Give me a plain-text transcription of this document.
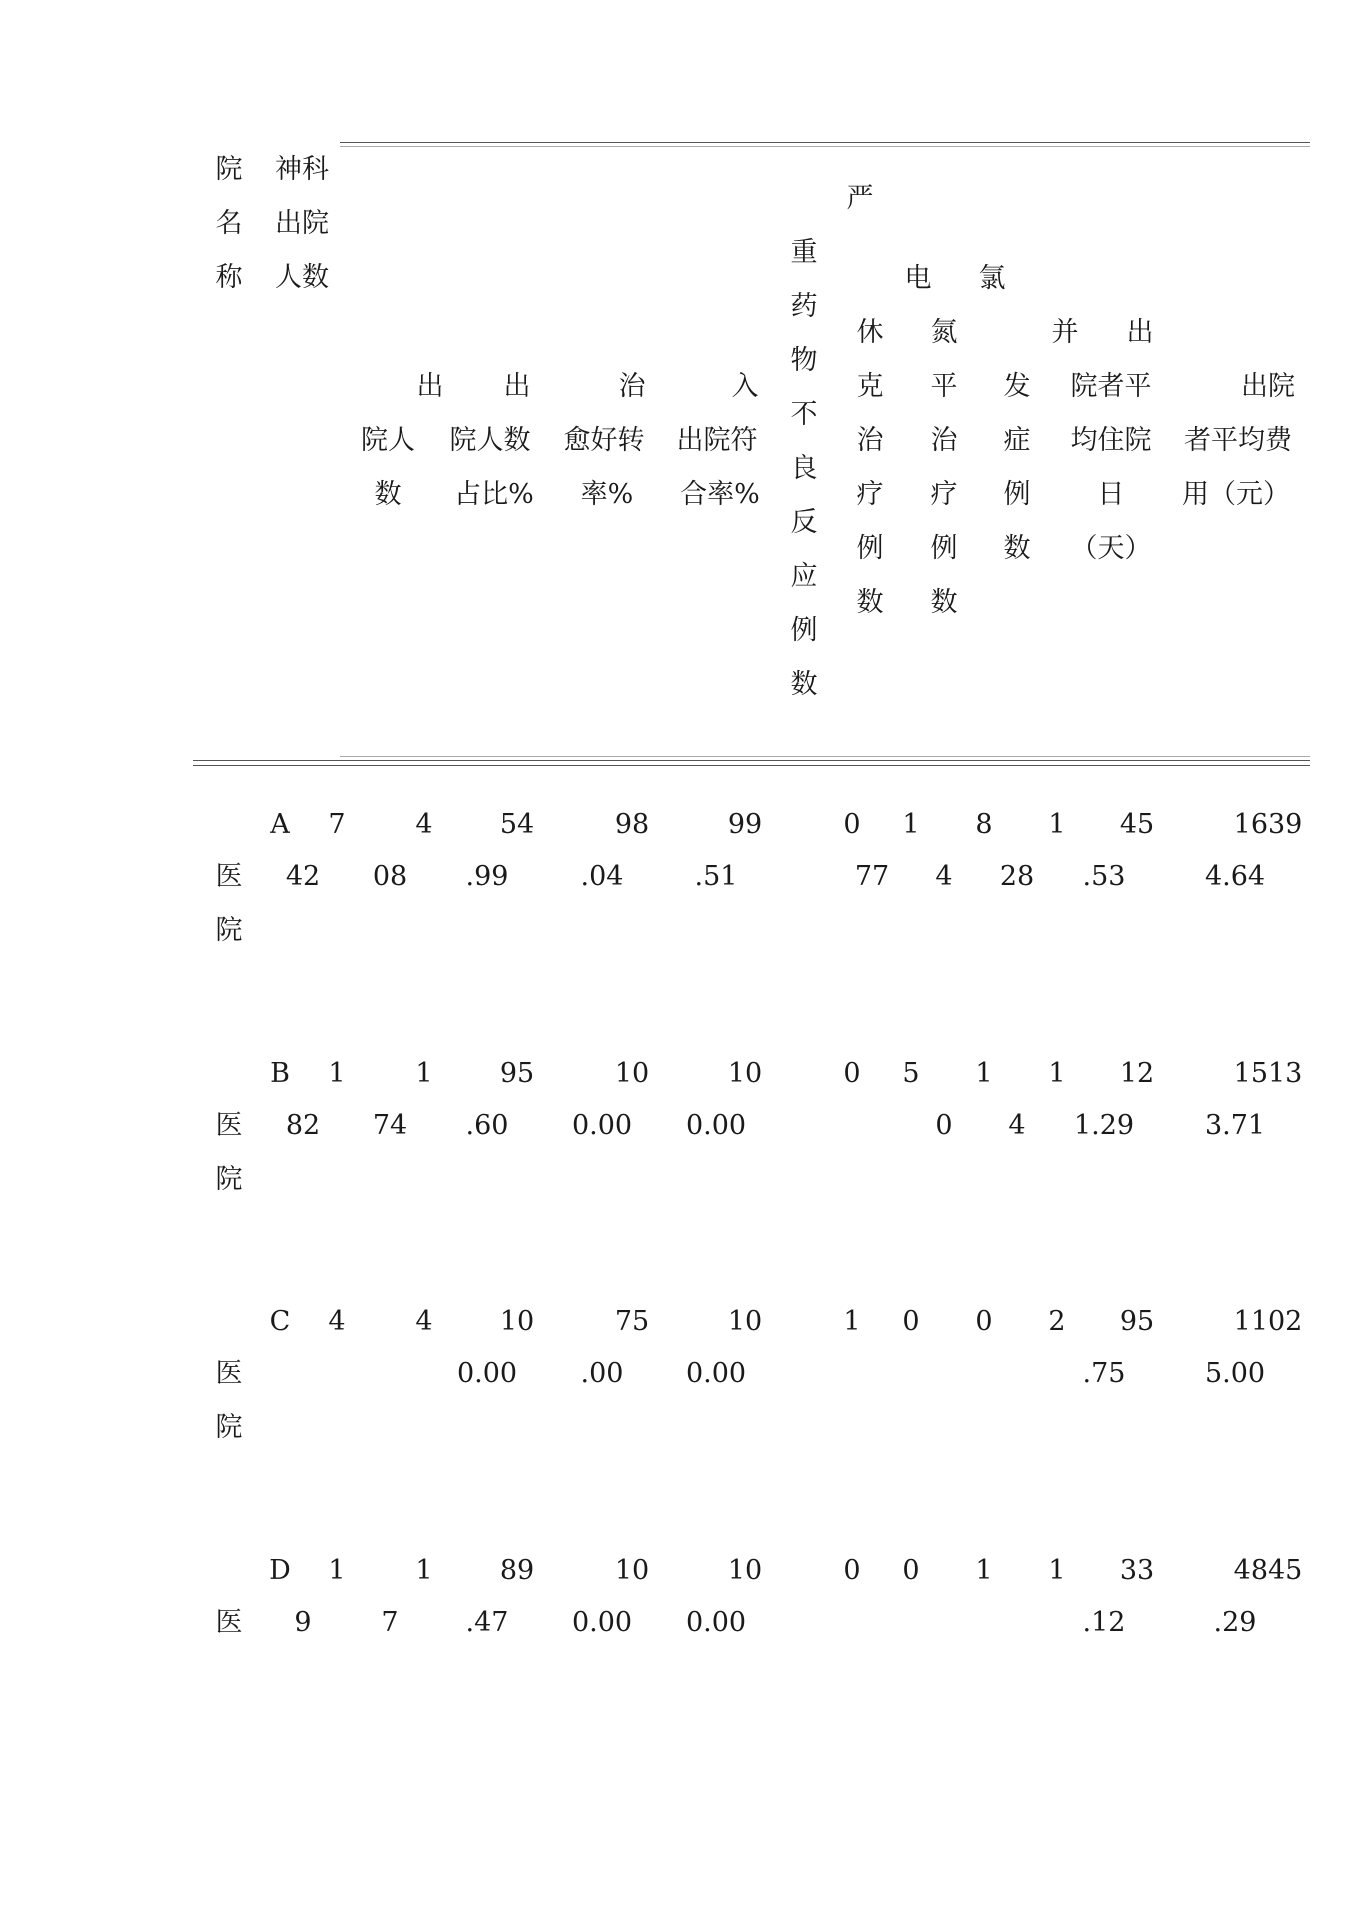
院
名
称
神科
出院
人数
出
院人
数
出
院人数
占比%
治
愈好转
率%
入
出院符
合率%
重
药
物
不
良
反
应
例
数
严
休
克
治
疗
例
数
电
氮
平
治
疗
例
数
氯
发
症
例
数
并 出
院者平
均住院
日
（天）
出院
者平均费
用（元）
医
院
A 7
42
4
08
54
.99
98
.04
99
.51
0 1
77
8
4
1
28
45
.53
1639
4.64
医
院
B 1
82
1
74
95
.60
10
0.00
10
0.00
0 5 1
0
1
4
12
1.29
1513
3.71
医
院
C 4	4 10
0.00
75
.00
10
0.00
1 0 0 2 95
.75
1102
5.00
医
D 1
9
1
7
89
.47
10
0.00
10
0.00
0 0 1 1 33
.12
4845
.29
